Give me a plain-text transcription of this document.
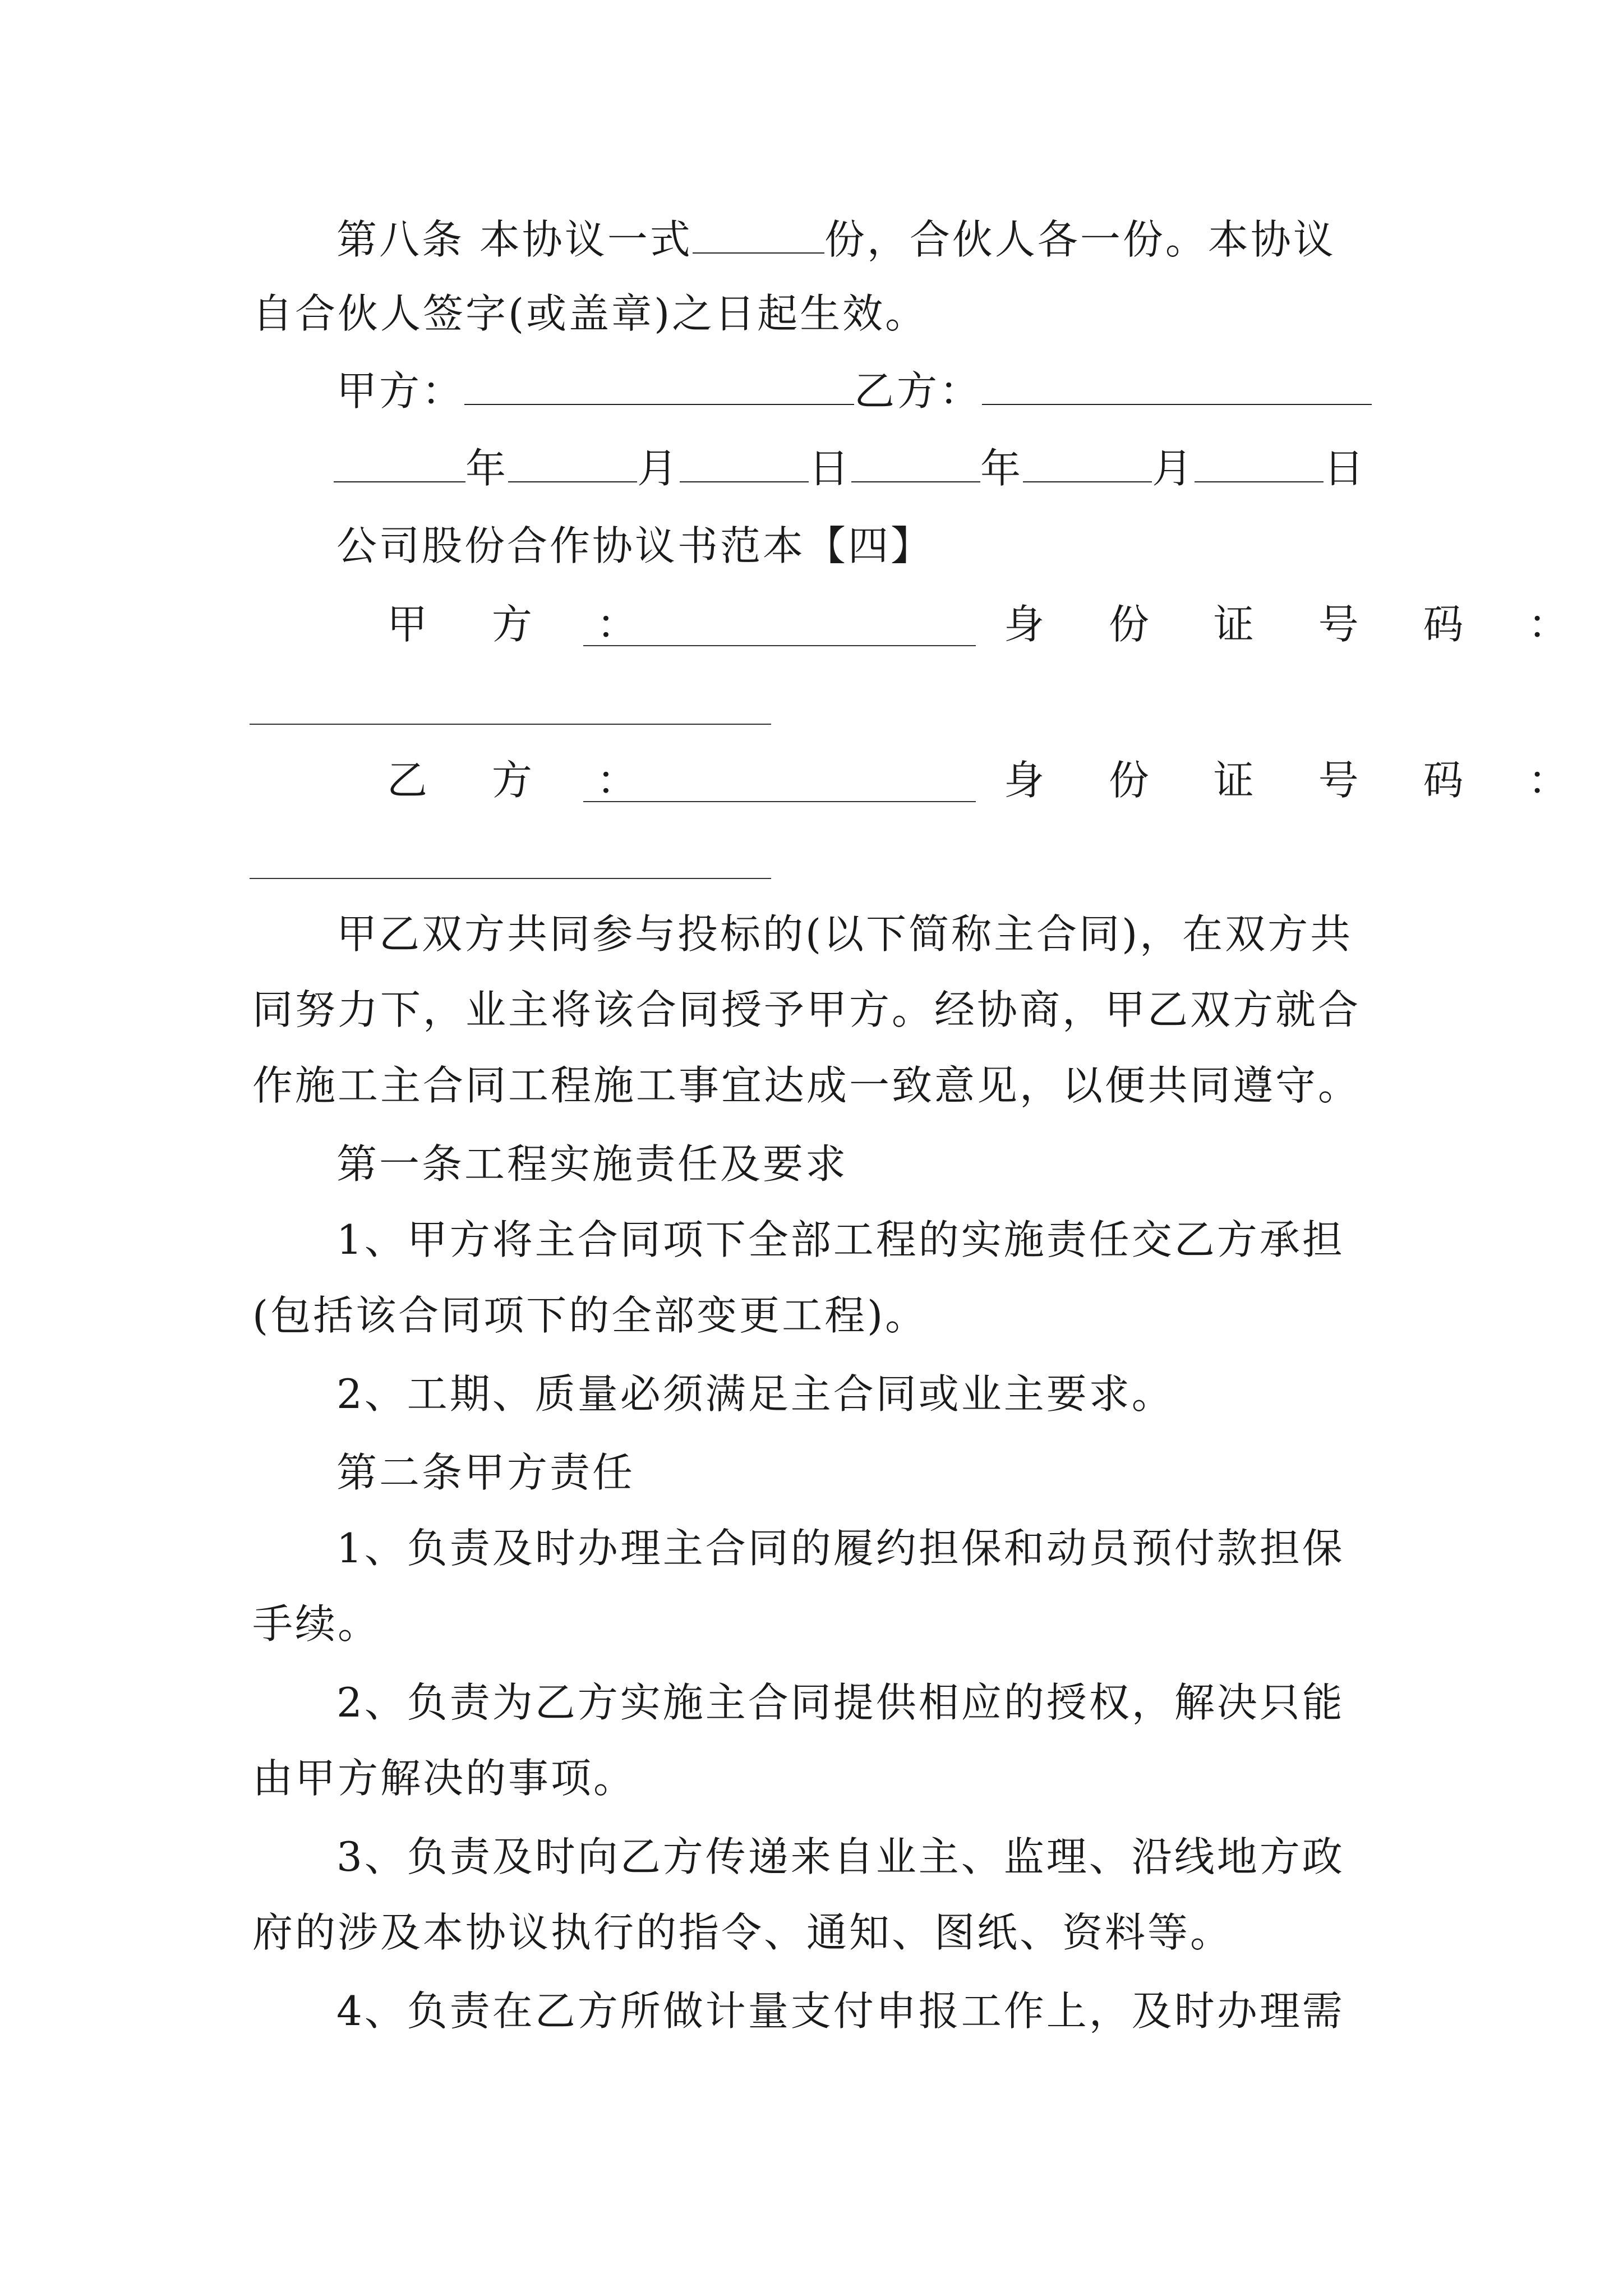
第八条 本协议一式	份，合伙人各一份。本协议
自合伙人签字(或盖章)之日起生效。
甲方：	乙方：
年	月	日	年	月	日
公司股份合作协议书范本【四】
甲 方 ：	身 份 证 号 码 ：
乙 方 ：	身 份 证 号 码 ：
甲乙双方共同参与投标的(以下简称主合同)，在双方共
同努力下，业主将该合同授予甲方。经协商，甲乙双方就合
作施工主合同工程施工事宜达成一致意见，以便共同遵守。
第一条工程实施责任及要求
1、甲方将主合同项下全部工程的实施责任交乙方承担
(包括该合同项下的全部变更工程)。
2、工期、质量必须满足主合同或业主要求。
第二条甲方责任
1、负责及时办理主合同的履约担保和动员预付款担保
手续。
2、负责为乙方实施主合同提供相应的授权，解决只能
由甲方解决的事项。
3、负责及时向乙方传递来自业主、监理、沿线地方政
府的涉及本协议执行的指令、通知、图纸、资料等。
4、负责在乙方所做计量支付申报工作上，及时办理需
